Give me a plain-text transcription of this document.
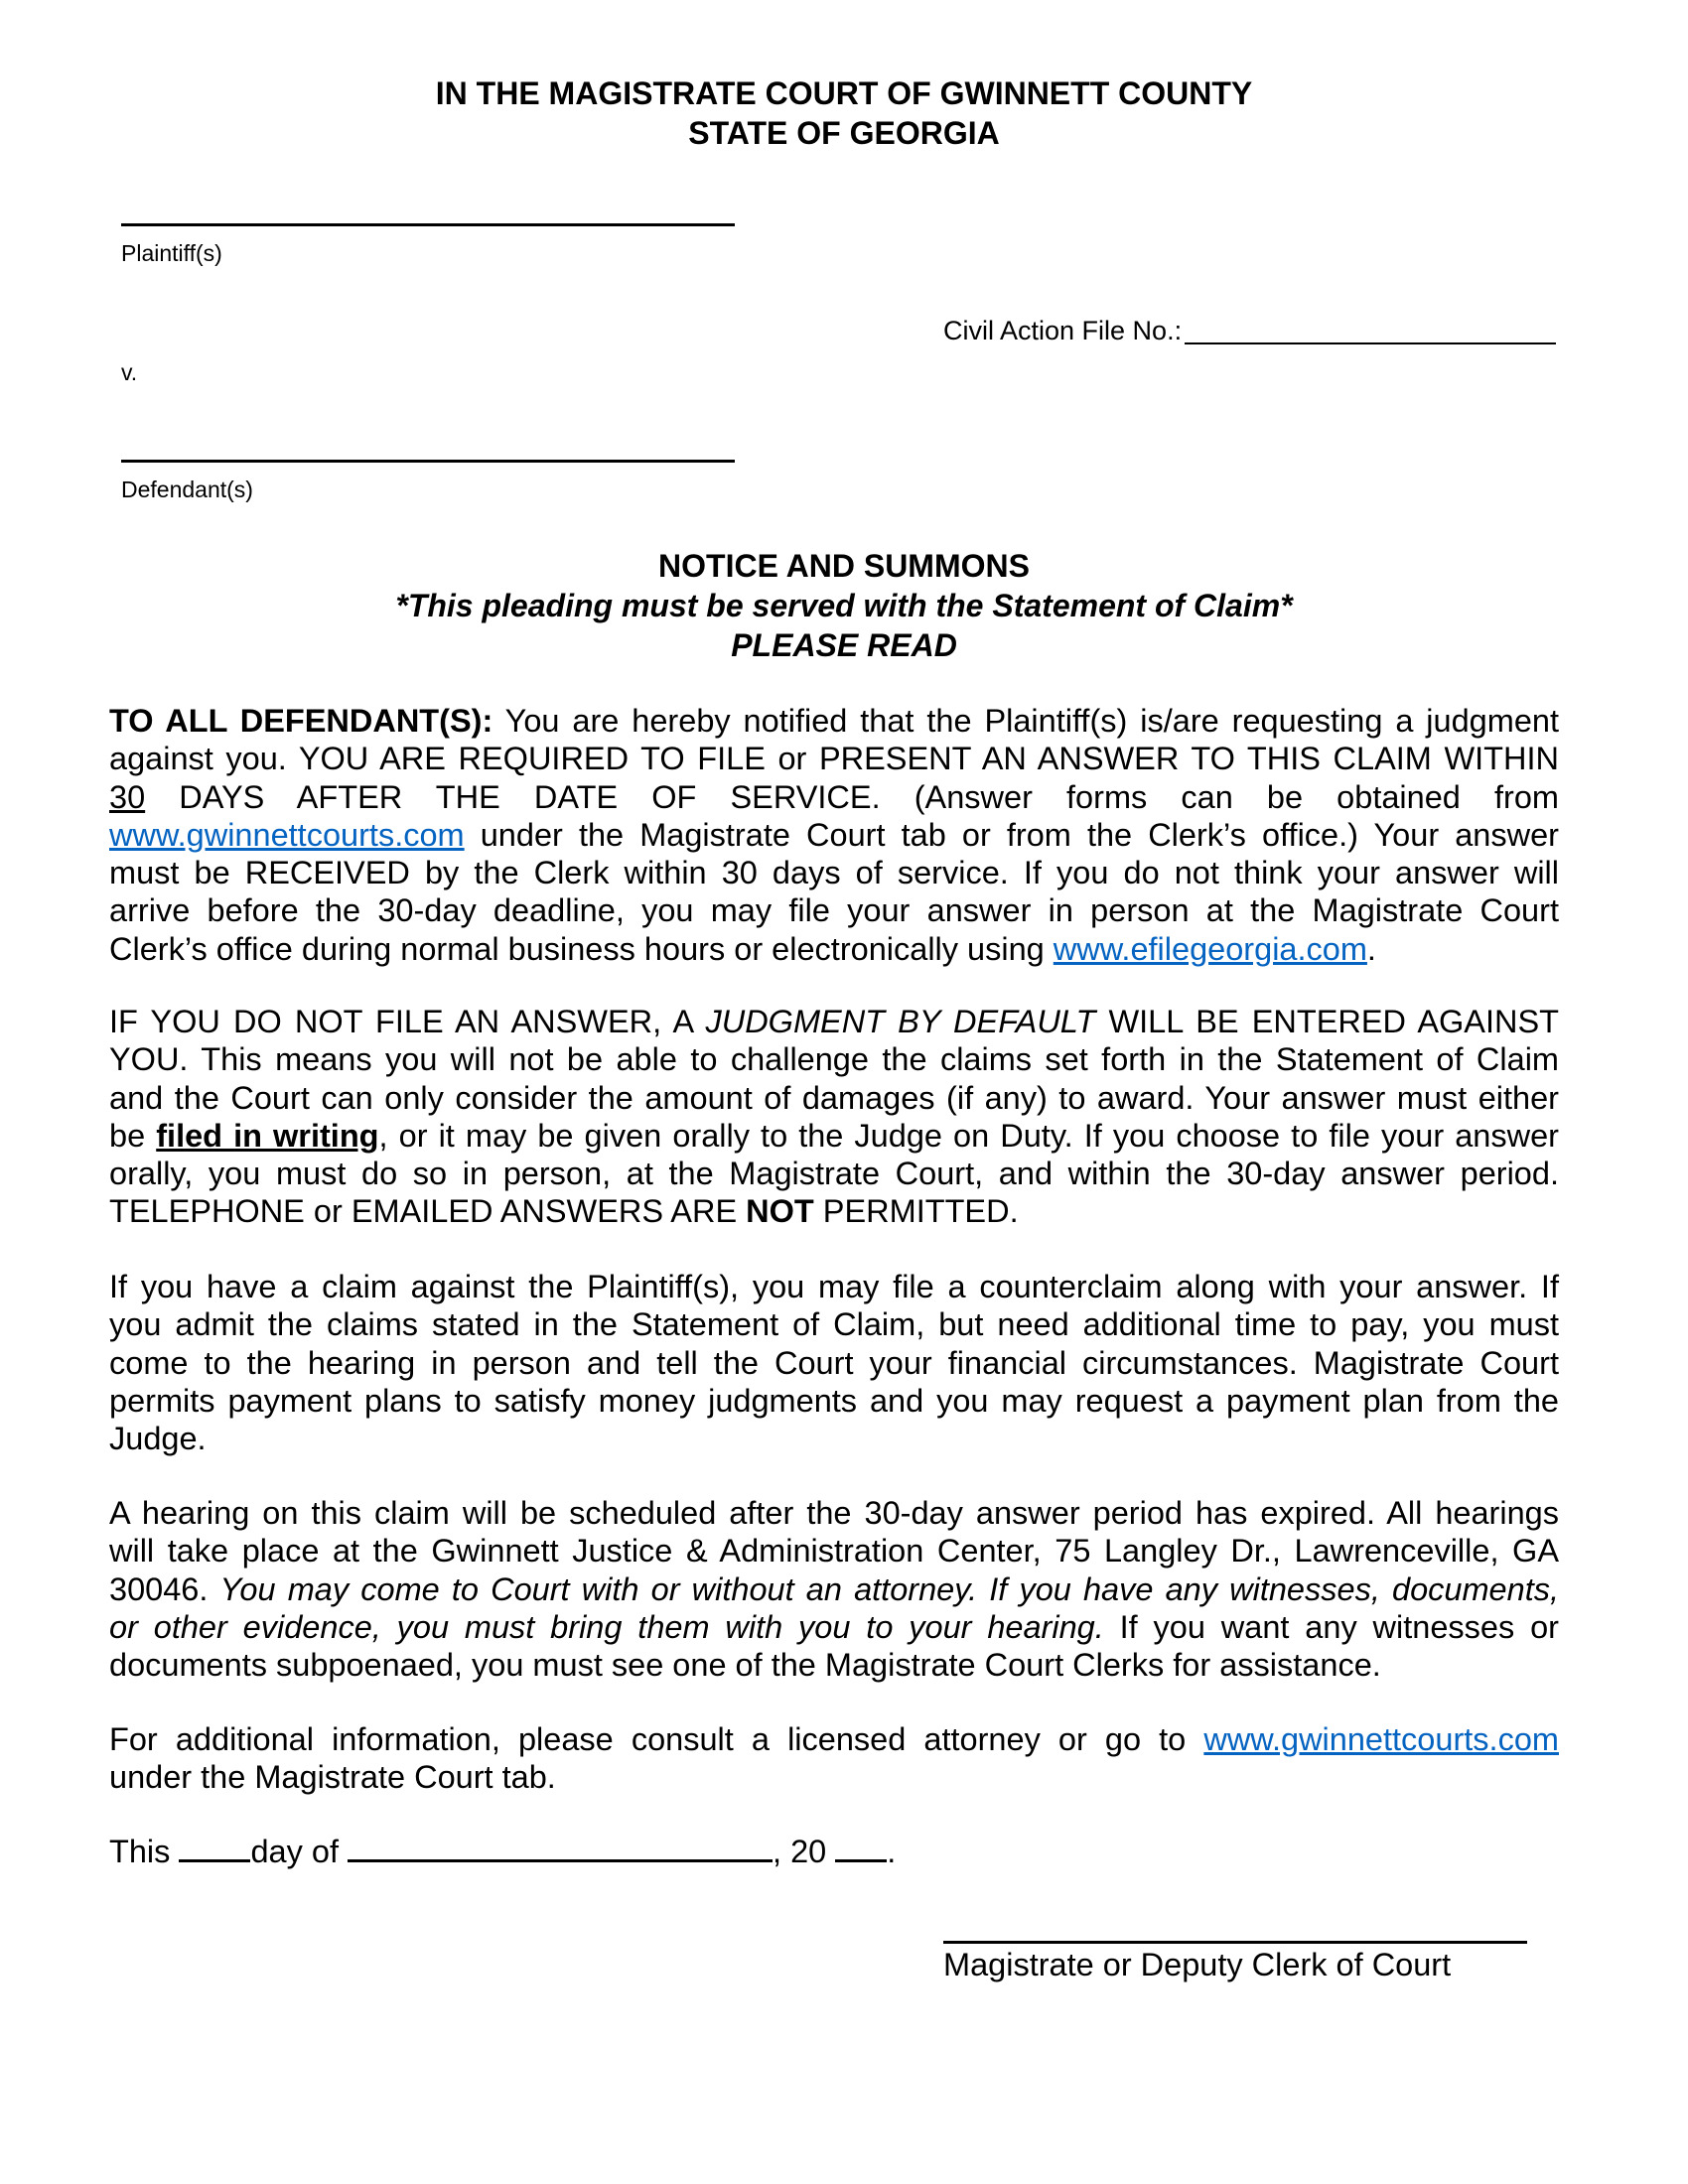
IN THE MAGISTRATE COURT OF GWINNETT COUNTY
STATE OF GEORGIA
Plaintiff(s)
Civil Action File No.:
v.
Defendant(s)
NOTICE AND SUMMONS
*This pleading must be served with the Statement of Claim*
PLEASE READ
TO ALL DEFENDANT(S): You are hereby notified that the Plaintiff(s) is/are requesting a judgment
against you. YOU ARE REQUIRED TO FILE or PRESENT AN ANSWER TO THIS CLAIM WITHIN
30 DAYS AFTER THE DATE OF SERVICE. (Answer forms can be obtained from
www.gwinnettcourts.com under the Magistrate Court tab or from the Clerk’s office.) Your answer
must be RECEIVED by the Clerk within 30 days of service. If you do not think your answer will
arrive before the 30-day deadline, you may file your answer in person at the Magistrate Court
Clerk’s office during normal business hours or electronically using www.efilegeorgia.com.
IF YOU DO NOT FILE AN ANSWER, A JUDGMENT BY DEFAULT WILL BE ENTERED AGAINST
YOU. This means you will not be able to challenge the claims set forth in the Statement of Claim
and the Court can only consider the amount of damages (if any) to award. Your answer must either
be filed in writing, or it may be given orally to the Judge on Duty. If you choose to file your answer
orally, you must do so in person, at the Magistrate Court, and within the 30-day answer period.
TELEPHONE or EMAILED ANSWERS ARE NOT PERMITTED.
If you have a claim against the Plaintiff(s), you may file a counterclaim along with your answer. If
you admit the claims stated in the Statement of Claim, but need additional time to pay, you must
come to the hearing in person and tell the Court your financial circumstances. Magistrate Court
permits payment plans to satisfy money judgments and you may request a payment plan from the
Judge.
A hearing on this claim will be scheduled after the 30-day answer period has expired. All hearings
will take place at the Gwinnett Justice & Administration Center, 75 Langley Dr., Lawrenceville, GA
30046. You may come to Court with or without an attorney. If you have any witnesses, documents,
or other evidence, you must bring them with you to your hearing. If you want any witnesses or
documents subpoenaed, you must see one of the Magistrate Court Clerks for assistance.
For additional information, please consult a licensed attorney or go to www.gwinnettcourts.com
under the Magistrate Court tab.
This day of	, 20 .
Magistrate or Deputy Clerk of Court
